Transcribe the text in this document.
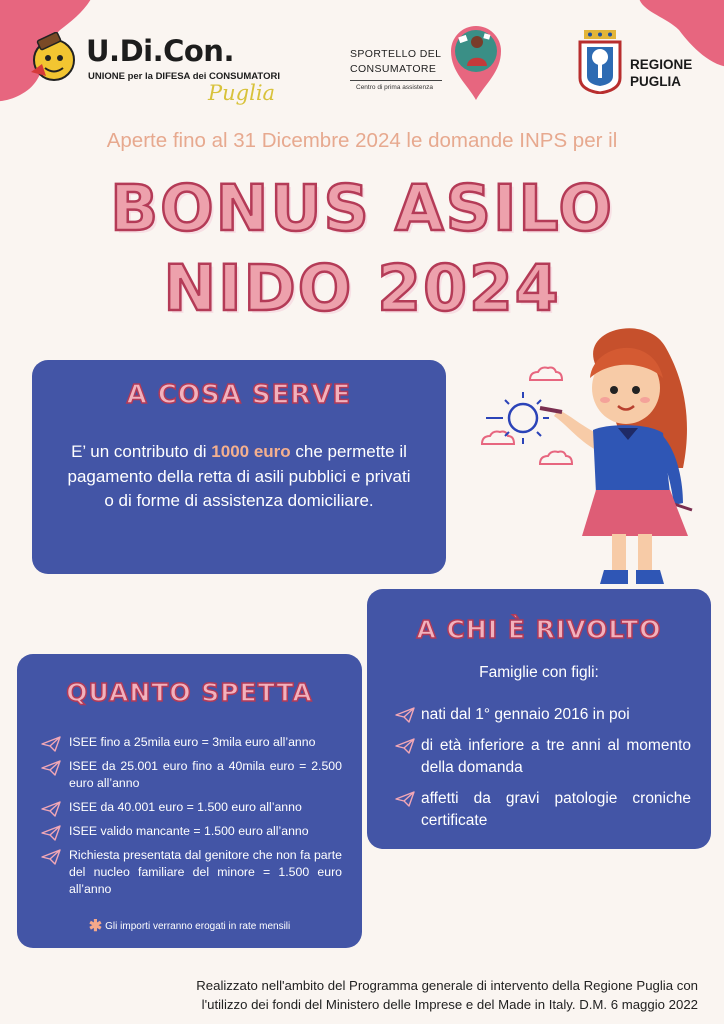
U.Di.Con.
UNIONE per la DIFESA dei CONSUMATORI
Puglia
SPORTELLO DEL
CONSUMATORE
Centro di prima assistenza
REGIONE
PUGLIA
Aperte fino al 31 Dicembre 2024 le domande INPS per il
BONUS ASILO
NIDO 2024
A COSA SERVE
E’ un contributo di 1000 euro che permette il pagamento della retta di asili pubblici e privati o di forme di assistenza domiciliare.
A CHI È RIVOLTO
Famiglie con figli:
nati dal 1° gennaio 2016 in poi
di età inferiore a tre anni al momento della domanda
affetti da gravi patologie croniche certificate
QUANTO SPETTA
ISEE fino a 25mila euro = 3mila euro all’anno
ISEE da 25.001 euro fino a 40mila euro = 2.500 euro all’anno
ISEE da 40.001 euro = 1.500 euro all’anno
ISEE valido mancante = 1.500 euro all’anno
Richiesta presentata dal genitore che non fa parte del nucleo familiare del minore = 1.500 euro all’anno
✱ Gli importi verranno erogati in rate mensili
Realizzato nell'ambito del Programma generale di intervento della Regione Puglia con
l'utilizzo dei fondi del Ministero delle Imprese e del Made in Italy. D.M. 6 maggio 2022
